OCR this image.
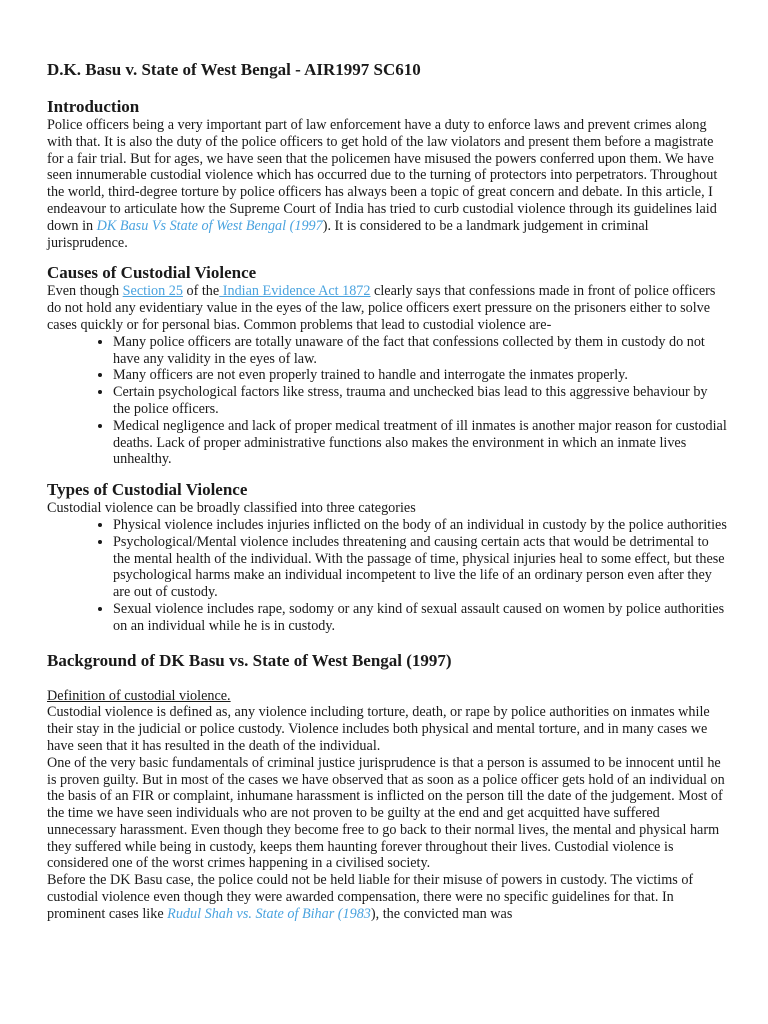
D.K. Basu v. State of West Bengal - AIR1997 SC610
Introduction

Police officers being a very important part of law enforcement have a duty to enforce laws and prevent crimes along with that. It is also the duty of the police officers to get hold of the law violators and present them before a magistrate for a fair trial. But for ages, we have seen that the policemen have misused the powers conferred upon them. We have seen innumerable custodial violence which has occurred due to the turning of protectors into perpetrators. Throughout the world, third-degree torture by police officers has always been a topic of great concern and debate. In this article, I endeavour to articulate how the Supreme Court of India has tried to curb custodial violence through its guidelines laid down in DK Basu Vs State of West Bengal (1997). It is considered to be a landmark judgement in criminal jurisprudence.

Causes of Custodial Violence

Even though Section 25 of the Indian Evidence Act 1872 clearly says that confessions made in front of police officers do not hold any evidentiary value in the eyes of the law, police officers exert pressure on the prisoners either to solve cases quickly or for personal bias. Common problems that lead to custodial violence are-

• Many police officers are totally unaware of the fact that confessions collected by them in custody do not have any validity in the eyes of law.
• Many officers are not even properly trained to handle and interrogate the inmates properly.
• Certain psychological factors like stress, trauma and unchecked bias lead to this aggressive behaviour by the police officers.
• Medical negligence and lack of proper medical treatment of ill inmates is another major reason for custodial deaths. Lack of proper administrative functions also makes the environment in which an inmate lives unhealthy.
Types of Custodial Violence

Custodial violence can be broadly classified into three categories

• Physical violence includes injuries inflicted on the body of an individual in custody by the police authorities
• Psychological/Mental violence includes threatening and causing certain acts that would be detrimental to the mental health of the individual. With the passage of time, physical injuries heal to some effect, but these psychological harms make an individual incompetent to live the life of an ordinary person even after they are out of custody.
• Sexual violence includes rape, sodomy or any kind of sexual assault caused on women by police authorities on an individual while he is in custody.
Background of DK Basu vs. State of West Bengal (1997)

Definition of custodial violence.

Custodial violence is defined as, any violence including torture, death, or rape by police authorities on inmates while their stay in the judicial or police custody. Violence includes both physical and mental torture, and in many cases we have seen that it has resulted in the death of the individual.

One of the very basic fundamentals of criminal justice jurisprudence is that a person is assumed to be innocent until he is proven guilty. But in most of the cases we have observed that as soon as a police officer gets hold of an individual on the basis of an FIR or complaint, inhumane harassment is inflicted on the person till the date of the judgement. Most of the time we have seen individuals who are not proven to be guilty at the end and get acquitted have suffered unnecessary harassment. Even though they become free to go back to their normal lives, the mental and physical harm they suffered while being in custody, keeps them haunting forever throughout their lives. Custodial violence is considered one of the worst crimes happening in a civilised society.

Before the DK Basu case, the police could not be held liable for their misuse of powers in custody. The victims of custodial violence even though they were awarded compensation, there were no specific guidelines for that. In prominent cases like Rudul Shah vs. State of Bihar (1983), the convicted man was
